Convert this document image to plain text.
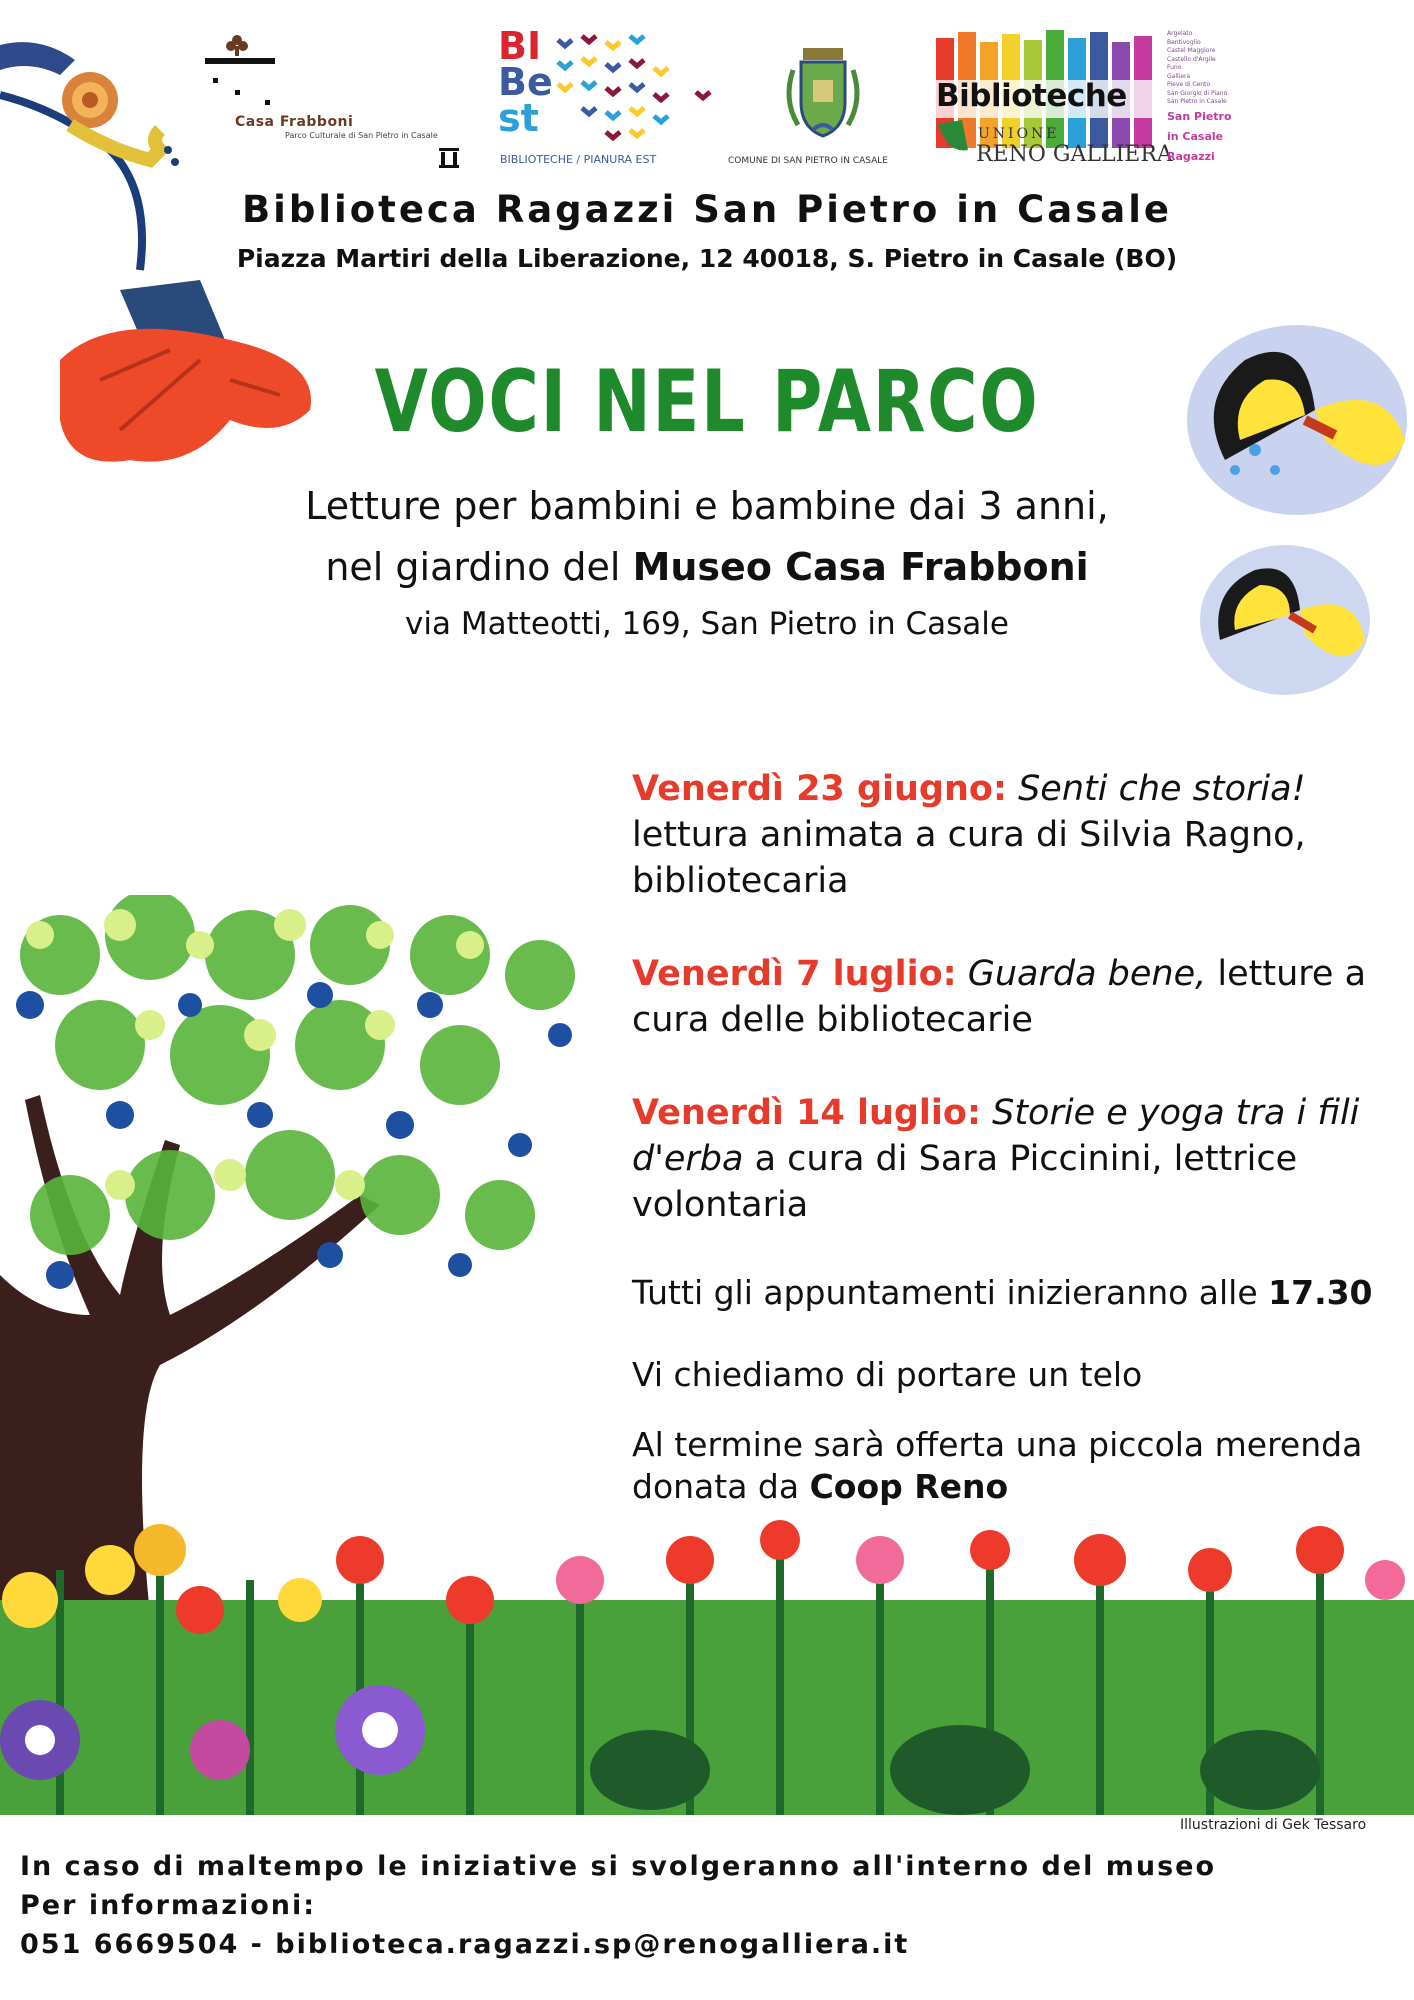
Casa Frabboni
Parco Culturale di San Pietro in Casale
BI
Be
st
BIBLIOTECHE / PIANURA EST	COMUNE DI SAN PIETRO IN CASALE
Biblioteche
UNIONE
RENO GALLIERA
Argelato
Bentivoglio
Castel Maggiore
Castello d'Argile
Funo
Galliera
Pieve di Cento
San Giorgio di Piano
San Pietro in Casale
San Pietro
in Casale
Ragazzi
Biblioteca Ragazzi San Pietro in Casale
Piazza Martiri della Liberazione, 12 40018, S. Pietro in Casale (BO)
VOCI NEL PARCO
Letture per bambini e bambine dai 3 anni,
nel giardino del Museo Casa Frabboni
via Matteotti, 169, San Pietro in Casale
Venerdì 23 giugno: Senti che storia! lettura animata a cura di Silvia Ragno, bibliotecaria
Venerdì 7 luglio: Guarda bene, letture a cura delle bibliotecarie
Venerdì 14 luglio: Storie e yoga tra i fili d'erba a cura di Sara Piccinini, lettrice volontaria
Tutti gli appuntamenti inizieranno alle 17.30
Vi chiediamo di portare un telo
Al termine sarà offerta una piccola merenda donata da Coop Reno
Illustrazioni di Gek Tessaro
In caso di maltempo le iniziative si svolgeranno all'interno del museo
Per informazioni:
051 6669504 - biblioteca.ragazzi.sp@renogalliera.it
